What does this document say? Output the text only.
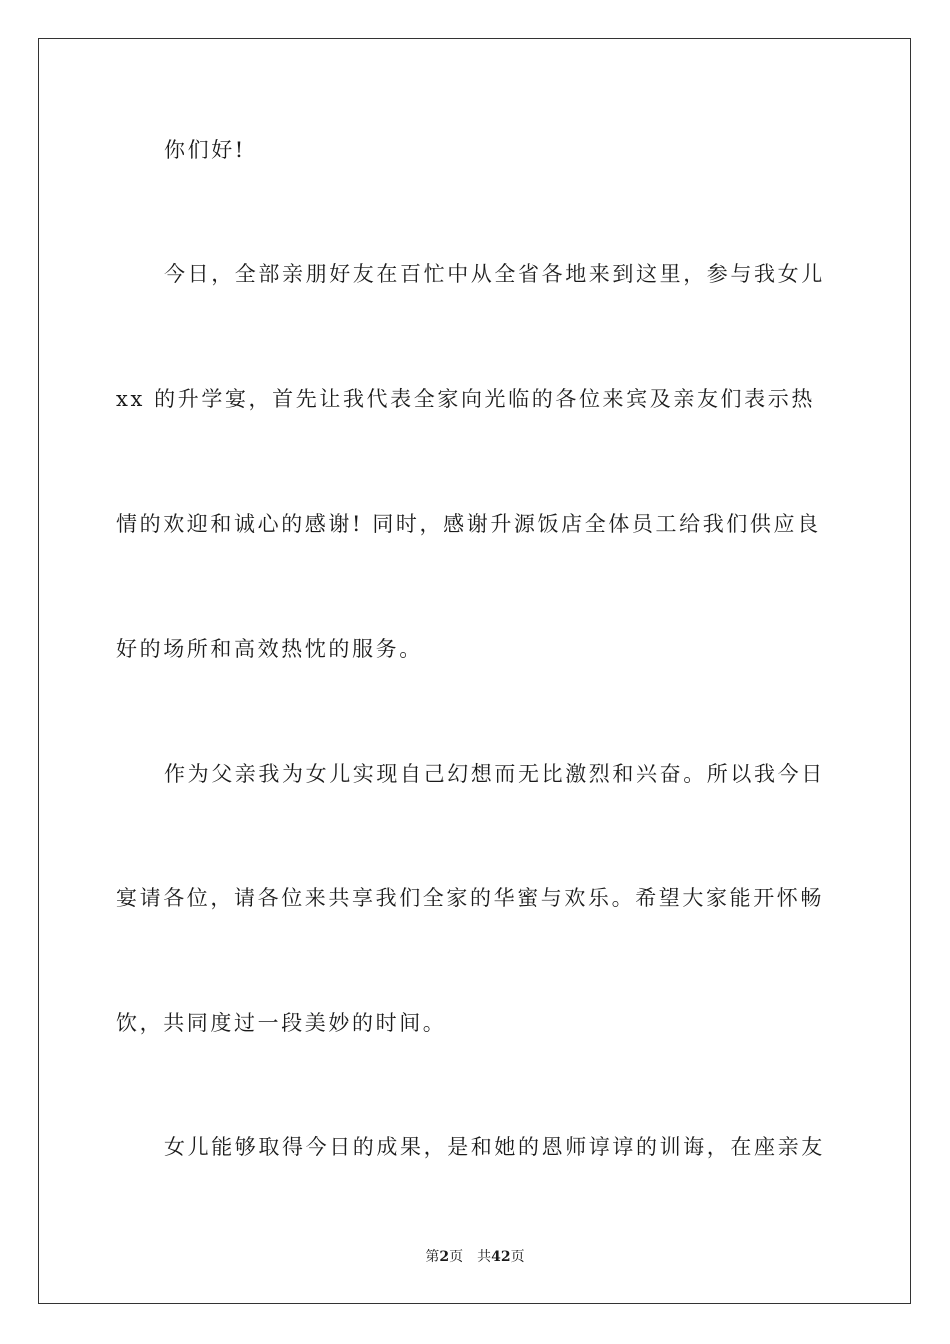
你们好!
今日，全部亲朋好友在百忙中从全省各地来到这里，参与我女儿
xx 的升学宴，首先让我代表全家向光临的各位来宾及亲友们表示热
情的欢迎和诚心的感谢! 同时，感谢升源饭店全体员工给我们供应良
好的场所和高效热忱的服务。
作为父亲我为女儿实现自己幻想而无比激烈和兴奋。所以我今日
宴请各位，请各位来共享我们全家的华蜜与欢乐。希望大家能开怀畅
饮，共同度过一段美妙的时间。
女儿能够取得今日的成果，是和她的恩师谆谆的训诲，在座亲友
第2页 共42页
